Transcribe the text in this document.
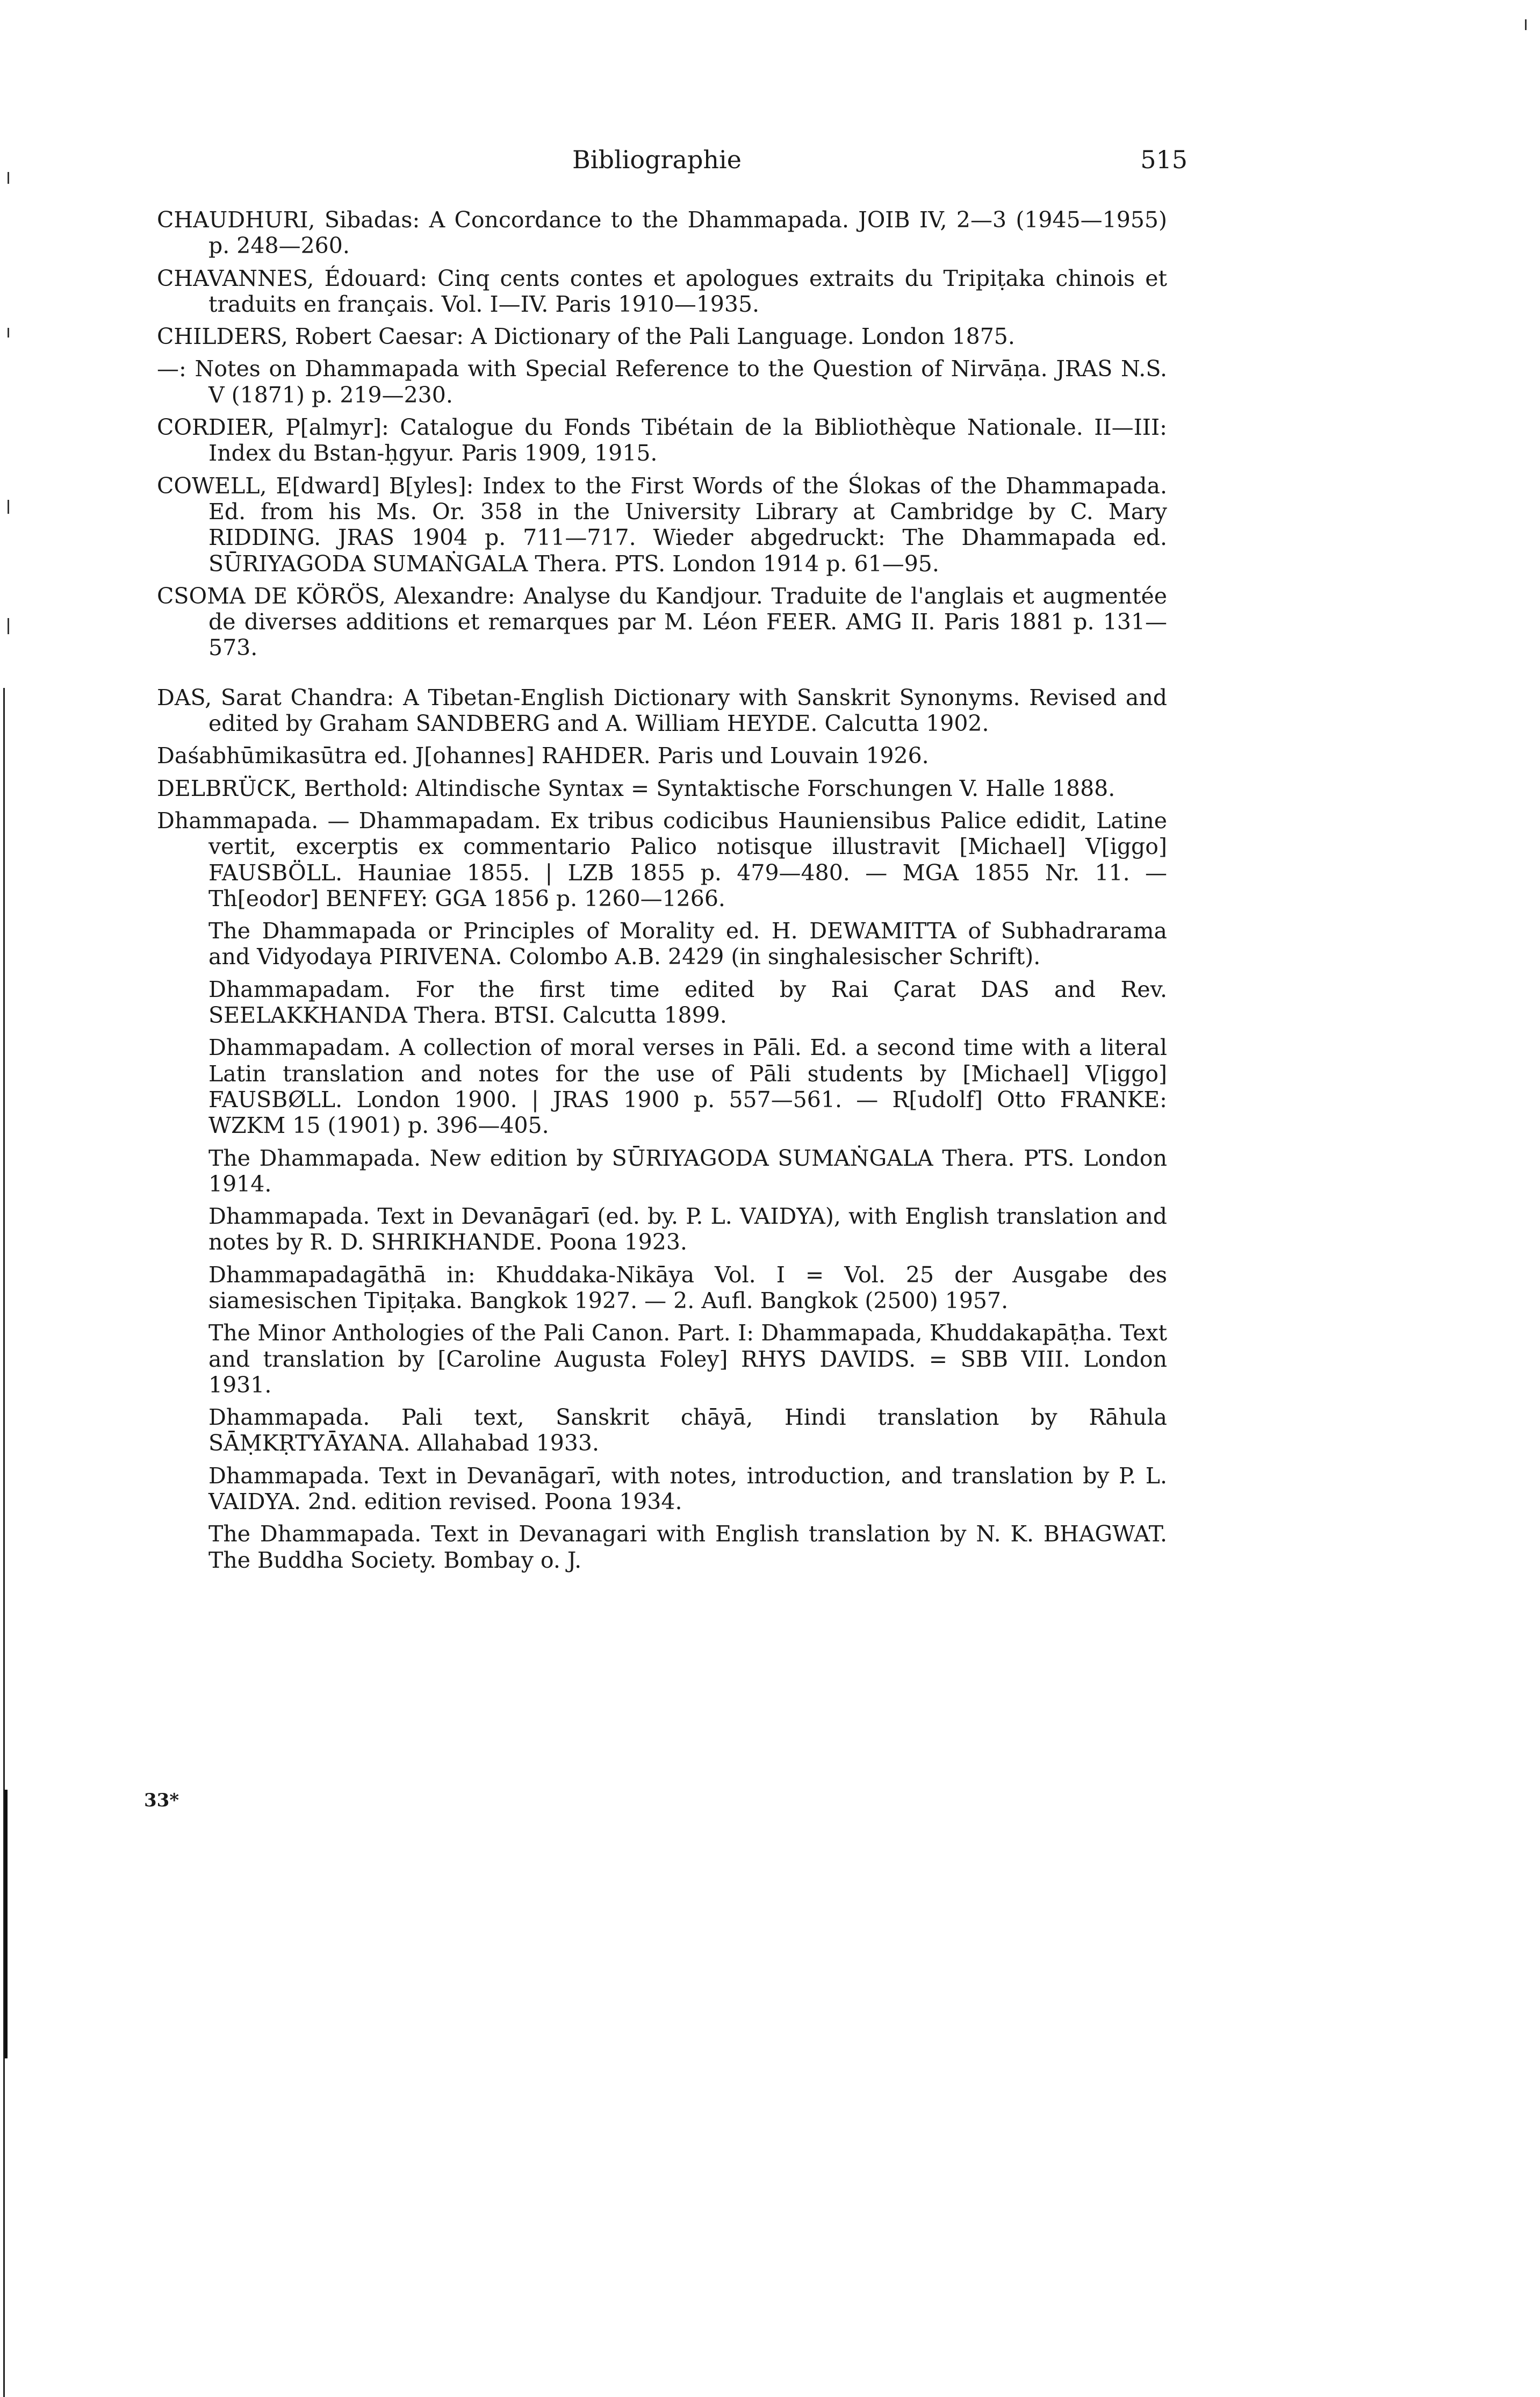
Bibliographie	515

CHAUDHURI, Sibadas: A Concordance to the Dhammapada. JOIB IV, 2—3 (1945—1955) p. 248—260.

CHAVANNES, Édouard: Cinq cents contes et apologues extraits du Tripiṭaka chinois et traduits en français. Vol. I—IV. Paris 1910—1935.

CHILDERS, Robert Caesar: A Dictionary of the Pali Language. London 1875.

—: Notes on Dhammapada with Special Reference to the Question of Nirvāṇa. JRAS N.S. V (1871) p. 219—230.

CORDIER, P[almyr]: Catalogue du Fonds Tibétain de la Bibliothèque Nationale. II—III: Index du Bstan-ḥgyur. Paris 1909, 1915.

COWELL, E[dward] B[yles]: Index to the First Words of the Ślokas of the Dhammapada. Ed. from his Ms. Or. 358 in the University Library at Cambridge by C. Mary RIDDING. JRAS 1904 p. 711—717. Wieder abgedruckt: The Dhammapada ed. SŪRIYAGODA SUMAṄGALA Thera. PTS. London 1914 p. 61—95.

CSOMA DE KÖRÖS, Alexandre: Analyse du Kandjour. Traduite de l'anglais et augmentée de diverses additions et remarques par M. Léon FEER. AMG II. Paris 1881 p. 131—573.

DAS, Sarat Chandra: A Tibetan-English Dictionary with Sanskrit Synonyms. Revised and edited by Graham SANDBERG and A. William HEYDE. Calcutta 1902.

Daśabhūmikasūtra ed. J[ohannes] RAHDER. Paris und Louvain 1926.

DELBRÜCK, Berthold: Altindische Syntax = Syntaktische Forschungen V. Halle 1888.

Dhammapada. — Dhammapadam. Ex tribus codicibus Hauniensibus Palice edidit, Latine vertit, excerptis ex commentario Palico notisque illustravit [Michael] V[iggo] FAUSBÖLL. Hauniae 1855. | LZB 1855 p. 479—480. — MGA 1855 Nr. 11. — Th[eodor] BENFEY: GGA 1856 p. 1260—1266.

The Dhammapada or Principles of Morality ed. H. DEWAMITTA of Subhadrarama and Vidyodaya PIRIVENA. Colombo A.B. 2429 (in singhalesischer Schrift).

Dhammapadam. For the first time edited by Rai Çarat DAS and Rev. SEELAKKHANDA Thera. BTSI. Calcutta 1899.

Dhammapadam. A collection of moral verses in Pāli. Ed. a second time with a literal Latin translation and notes for the use of Pāli students by [Michael] V[iggo] FAUSBØLL. London 1900. | JRAS 1900 p. 557—561. — R[udolf] Otto FRANKE: WZKM 15 (1901) p. 396—405.

The Dhammapada. New edition by SŪRIYAGODA SUMAṄGALA Thera. PTS. London 1914.

Dhammapada. Text in Devanāgarī (ed. by. P. L. VAIDYA), with English translation and notes by R. D. SHRIKHANDE. Poona 1923.

Dhammapadagāthā in: Khuddaka-Nikāya Vol. I = Vol. 25 der Ausgabe des siamesischen Tipiṭaka. Bangkok 1927. — 2. Aufl. Bangkok (2500) 1957.

The Minor Anthologies of the Pali Canon. Part. I: Dhammapada, Khuddakapāṭha. Text and translation by [Caroline Augusta Foley] RHYS DAVIDS. = SBB VIII. London 1931.

Dhammapada. Pali text, Sanskrit chāyā, Hindi translation by Rāhula SĀṂKṚTYĀYANA. Allahabad 1933.

Dhammapada. Text in Devanāgarī, with notes, introduction, and translation by P. L. VAIDYA. 2nd. edition revised. Poona 1934.

The Dhammapada. Text in Devanagari with English translation by N. K. BHAGWAT. The Buddha Society. Bombay o. J.

33*
